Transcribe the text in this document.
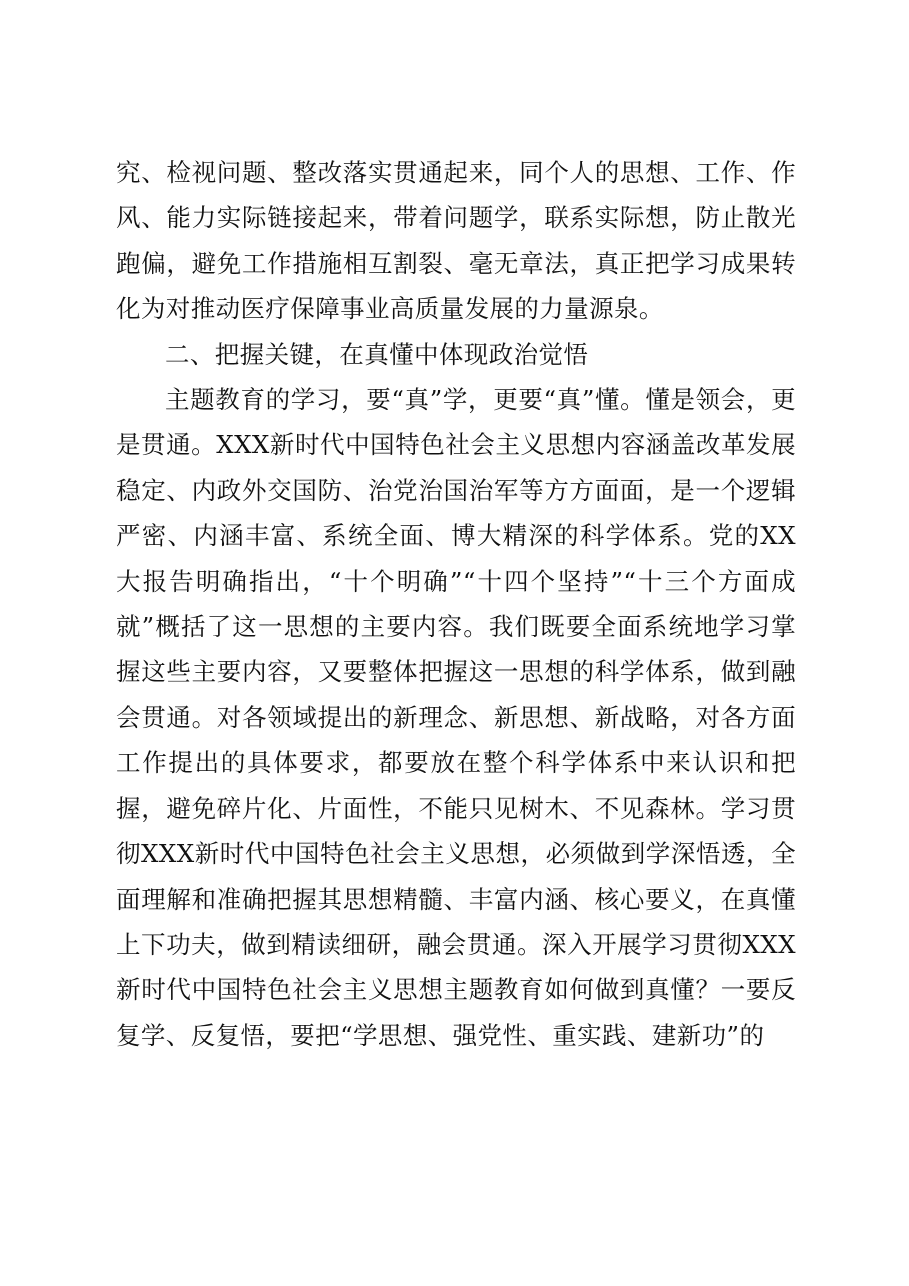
究、检视问题、整改落实贯通起来，同个人的思想、工作、作风、能力实际链接起来，带着问题学，联系实际想，防止散光跑偏，避免工作措施相互割裂、毫无章法，真正把学习成果转化为对推动医疗保障事业高质量发展的力量源泉。

二、把握关键，在真懂中体现政治觉悟

主题教育的学习，要“真”学，更要“真”懂。懂是领会，更是贯通。XXX新时代中国特色社会主义思想内容涵盖改革发展稳定、内政外交国防、治党治国治军等方方面面，是一个逻辑严密、内涵丰富、系统全面、博大精深的科学体系。党的XX大报告明确指出，“十个明确”“十四个坚持”“十三个方面成就”概括了这一思想的主要内容。我们既要全面系统地学习掌握这些主要内容，又要整体把握这一思想的科学体系，做到融会贯通。对各领域提出的新理念、新思想、新战略，对各方面工作提出的具体要求，都要放在整个科学体系中来认识和把握，避免碎片化、片面性，不能只见树木、不见森林。学习贯彻XXX新时代中国特色社会主义思想，必须做到学深悟透，全面理解和准确把握其思想精髓、丰富内涵、核心要义，在真懂上下功夫，做到精读细研，融会贯通。深入开展学习贯彻XXX新时代中国特色社会主义思想主题教育如何做到真懂？一要反复学、反复悟，要把“学思想、强党性、重实践、建新功”的
